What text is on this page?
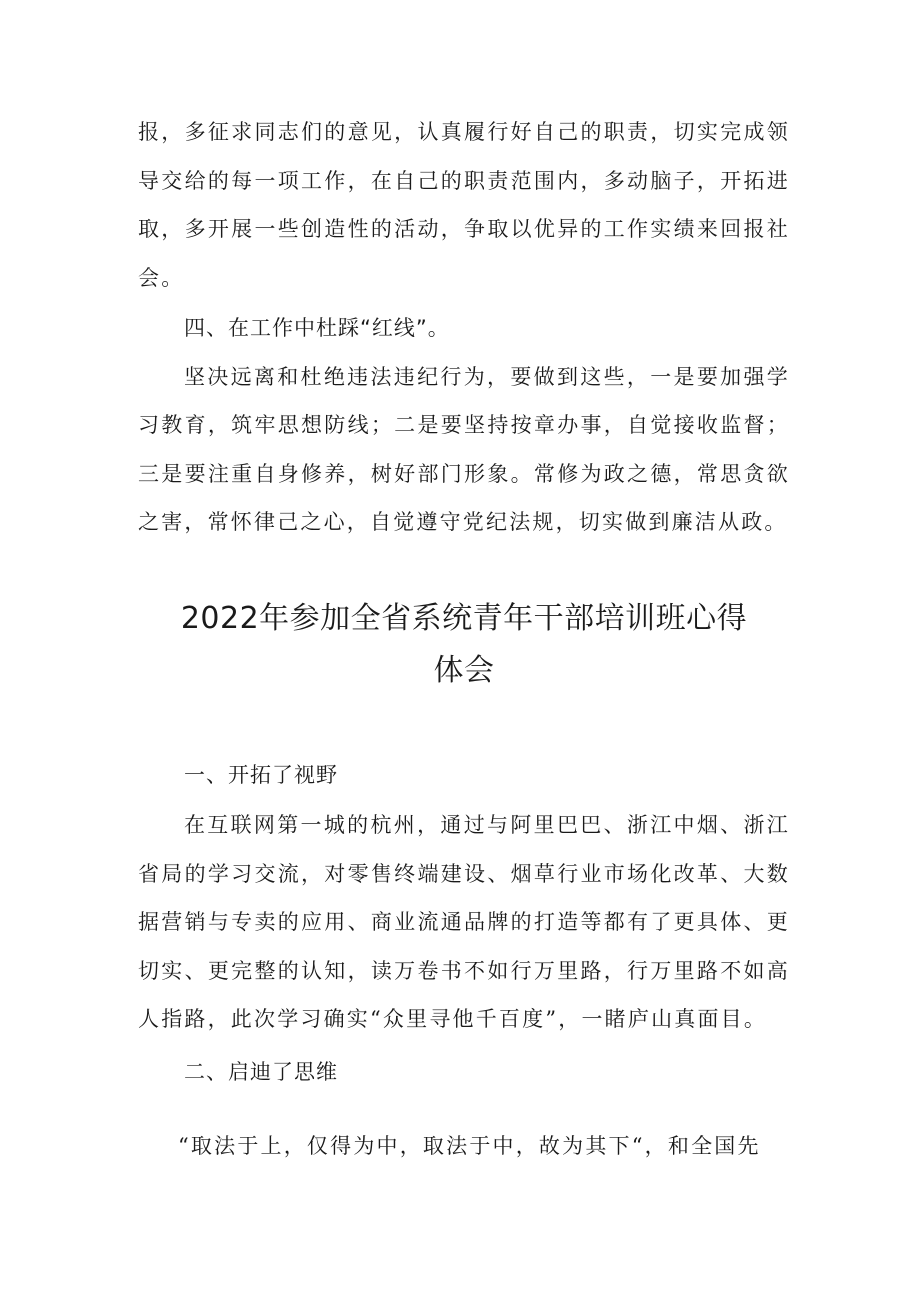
报，多征求同志们的意见，认真履行好自己的职责，切实完成领导交给的每一项工作，在自己的职责范围内，多动脑子，开拓进取，多开展一些创造性的活动，争取以优异的工作实绩来回报社会。

四、在工作中杜踩“红线”。

坚决远离和杜绝违法违纪行为，要做到这些，一是要加强学习教育，筑牢思想防线；二是要坚持按章办事，自觉接收监督；三是要注重自身修养，树好部门形象。常修为政之德，常思贪欲之害，常怀律己之心，自觉遵守党纪法规，切实做到廉洁从政。

2022年参加全省系统青年干部培训班心得
体会
一、开拓了视野

在互联网第一城的杭州，通过与阿里巴巴、浙江中烟、浙江省局的学习交流，对零售终端建设、烟草行业市场化改革、大数据营销与专卖的应用、商业流通品牌的打造等都有了更具体、更切实、更完整的认知，读万卷书不如行万里路，行万里路不如高人指路，此次学习确实“众里寻他千百度”，一睹庐山真面目。

二、启迪了思维

“取法于上，仅得为中，取法于中，故为其下“，和全国先
